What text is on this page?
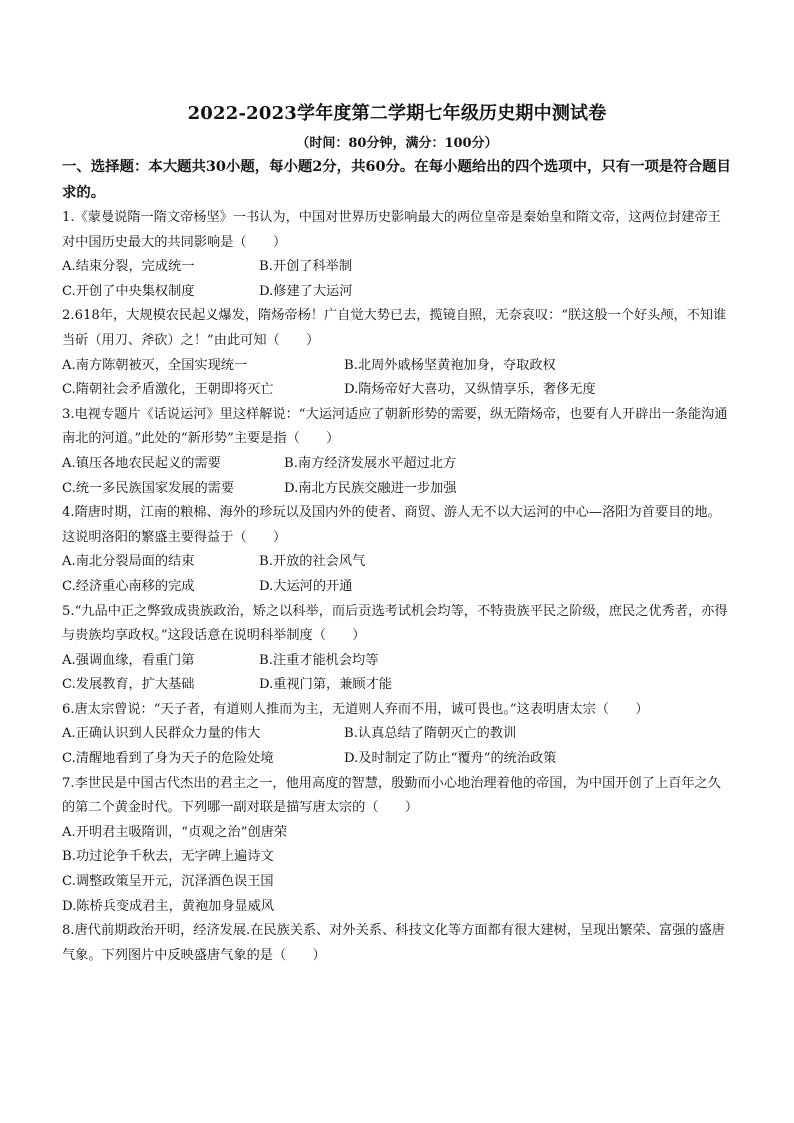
2022-2023学年度第二学期七年级历史期中测试卷
（时间：80分钟，满分：100分）
一、选择题：本大题共30小题，每小题2分，共60分。在每小题给出的四个选项中，只有一项是符合题目求的。
1.《蒙曼说隋一隋文帝杨坚》一书认为，中国对世界历史影响最大的两位皇帝是秦始皇和隋文帝，这两位封建帝王对中国历史最大的共同影响是（　　）
A.结束分裂，完成统一	B.开创了科举制
C.开创了中央集权制度	D.修建了大运河
2.618年，大规模农民起义爆发，隋炀帝杨！广自觉大势已去，揽镜自照，无奈哀叹：“朕这般一个好头颅，不知谁当斫（用刀、斧砍）之！”由此可知（　　）
A.南方陈朝被灭，全国实现统一	B.北周外戚杨坚黄袍加身，夺取政权
C.隋朝社会矛盾激化，王朝即将灭亡	D.隋炀帝好大喜功，又纵情享乐，奢侈无度
3.电视专题片《话说运河》里这样解说：“大运河适应了朝新形势的需要，纵无隋炀帝，也要有人开辟出一条能沟通南北的河道。”此处的“新形势”主要是指（　　）
A.镇压各地农民起义的需要	B.南方经济发展水平超过北方
C.统一多民族国家发展的需要	D.南北方民族交融进一步加强
4.隋唐时期，江南的粮棉、海外的珍玩以及国内外的使者、商贸、游人无不以大运河的中心—洛阳为首要目的地。这说明洛阳的繁盛主要得益于（　　）
A.南北分裂局面的结束	B.开放的社会风气
C.经济重心南移的完成	D.大运河的开通
5.“九品中正之弊致成贵族政治，矫之以科举，而后贡选考试机会均等，不特贵族平民之阶级，庶民之优秀者，亦得与贵族均享政权。”这段话意在说明科举制度（　　）
A.强调血缘，看重门第	B.注重才能机会均等
C.发展教育，扩大基础	D.重视门第，兼顾才能
6.唐太宗曾说：“天子者，有道则人推而为主，无道则人弃而不用，诚可畏也。”这表明唐太宗（　　）
A.正确认识到人民群众力量的伟大	B.认真总结了隋朝灭亡的教训
C.清醒地看到了身为天子的危险处境	D.及时制定了防止“覆舟”的统治政策
7.李世民是中国古代杰出的君主之一，他用高度的智慧，殷勤而小心地治理着他的帝国，为中国开创了上百年之久的第二个黄金时代。下列哪一副对联是描写唐太宗的（　　）
A.开明君主吸隋训，“贞观之治”创唐荣
B.功过论争千秋去，无字碑上遍诗文
C.调整政策呈开元，沉泽酒色误王国
D.陈桥兵变成君主，黄袍加身显威风
8.唐代前期政治开明，经济发展.在民族关系、对外关系、科技文化等方面都有很大建树，呈现出繁荣、富强的盛唐气象。下列图片中反映盛唐气象的是（　　）
